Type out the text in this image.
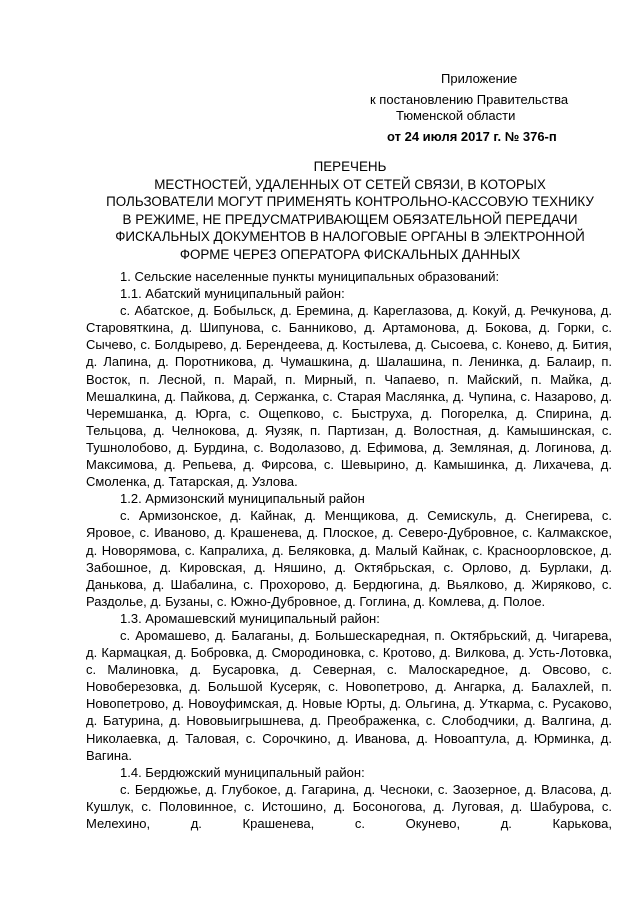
Приложение
к постановлению Правительства
Тюменской области
от 24 июля 2017 г. № 376-п
ПЕРЕЧЕНЬ
МЕСТНОСТЕЙ, УДАЛЕННЫХ ОТ СЕТЕЙ СВЯЗИ, В КОТОРЫХ
ПОЛЬЗОВАТЕЛИ МОГУТ ПРИМЕНЯТЬ КОНТРОЛЬНО-КАССОВУЮ ТЕХНИКУ
В РЕЖИМЕ, НЕ ПРЕДУСМАТРИВАЮЩЕМ ОБЯЗАТЕЛЬНОЙ ПЕРЕДАЧИ
ФИСКАЛЬНЫХ ДОКУМЕНТОВ В НАЛОГОВЫЕ ОРГАНЫ В ЭЛЕКТРОННОЙ
ФОРМЕ ЧЕРЕЗ ОПЕРАТОРА ФИСКАЛЬНЫХ ДАННЫХ

1. Сельские населенные пункты муниципальных образований:

1.1. Абатский муниципальный район:

с. Абатское, д. Бобыльск, д. Еремина, д. Кареглазова, д. Кокуй, д. Речкунова, д. Старовяткина, д. Шипунова, с. Банниково, д. Артамонова, д. Бокова, д. Горки, с. Сычево, с. Болдырево, д. Берендеева, д. Костылева, д. Сысоева, с. Конево, д. Бития, д. Лапина, д. Поротникова, д. Чумашкина, д. Шалашина, п. Ленинка, д. Балаир, п. Восток, п. Лесной, п. Марай, п. Мирный, п. Чапаево, п. Майский, п. Майка, д. Мешалкина, д. Пайкова, д. Сержанка, с. Старая Маслянка, д. Чупина, с. Назарово, д. Черемшанка, д. Юрга, с. Ощепково, с. Быструха, д. Погорелка, д. Спирина, д. Тельцова, д. Челнокова, д. Яузяк, п. Партизан, д. Волостная, д. Камышинская, с. Тушнолобово, д. Бурдина, с. Водолазово, д. Ефимова, д. Земляная, д. Логинова, д. Максимова, д. Репьева, д. Фирсова, с. Шевырино, д. Камышинка, д. Лихачева, д. Смоленка, д. Татарская, д. Узлова.

1.2. Армизонский муниципальный район

с. Армизонское, д. Кайнак, д. Менщикова, д. Семискуль, д. Снегирева, с. Яровое, с. Иваново, д. Крашенева, д. Плоское, д. Северо-Дубровное, с. Калмакское, д. Новорямова, с. Капралиха, д. Беляковка, д. Малый Кайнак, с. Красноорловское, д. Забошное, д. Кировская, д. Няшино, д. Октябрьская, с. Орлово, д. Бурлаки, д. Данькова, д. Шабалина, с. Прохорово, д. Бердюгина, д. Вьялково, д. Жиряково, с. Раздолье, д. Бузаны, с. Южно-Дубровное, д. Гоглина, д. Комлева, д. Полое.

1.3. Аромашевский муниципальный район:

с. Аромашево, д. Балаганы, д. Большескаредная, п. Октябрьский, д. Чигарева, д. Кармацкая, д. Бобровка, д. Смородиновка, с. Кротово, д. Вилкова, д. Усть-Лотовка, с. Малиновка, д. Бусаровка, д. Северная, с. Малоскаредное, д. Овсово, с. Новоберезовка, д. Большой Кусеряк, с. Новопетрово, д. Ангарка, д. Балахлей, п. Новопетрово, д. Новоуфимская, д. Новые Юрты, д. Ольгина, д. Уткарма, с. Русаково, д. Батурина, д. Нововыигрышнева, д. Преображенка, с. Слободчики, д. Валгина, д. Николаевка, д. Таловая, с. Сорочкино, д. Иванова, д. Новоаптула, д. Юрминка, д. Вагина.

1.4. Бердюжский муниципальный район:

с. Бердюжье, д. Глубокое, д. Гагарина, д. Чесноки, с. Заозерное, д. Власова, д. Кушлук, с. Половинное, с. Истошино, д. Босоногова, д. Луговая, д. Шабурова, с. Мелехино, д. Крашенева, с. Окунево, д. Карькова,
